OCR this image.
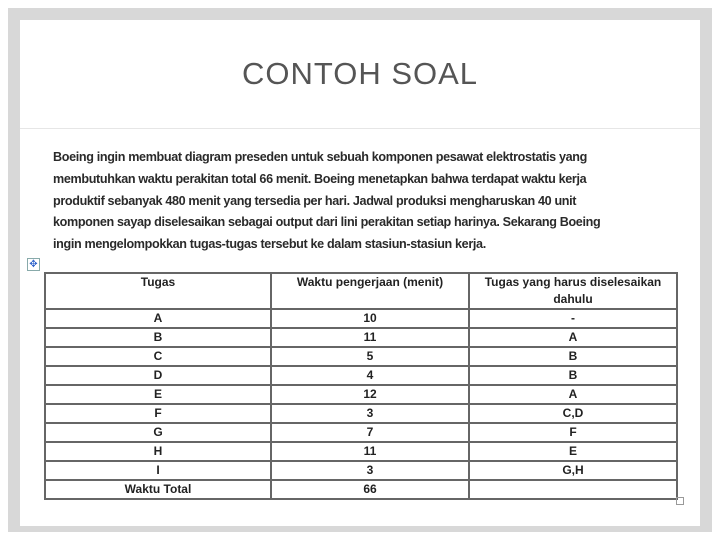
CONTOH SOAL
Boeing ingin membuat diagram preseden untuk sebuah komponen pesawat elektrostatis yang
membutuhkan waktu perakitan total 66 menit. Boeing menetapkan bahwa terdapat waktu kerja
produktif sebanyak 480 menit yang tersedia per hari. Jadwal produksi mengharuskan 40 unit
komponen sayap diselesaikan sebagai output dari lini perakitan setiap harinya. Sekarang Boeing
ingin mengelompokkan tugas-tugas tersebut ke dalam stasiun-stasiun kerja.
✥
Tugas	Waktu pengerjaan (menit)	Tugas yang harus diselesaikan dahulu
A	10	-
B	11	A
C	5	B
D	4	B
E	12	A
F	3	C,D
G	7	F
H	11	E
I	3	G,H
Waktu Total	66	
